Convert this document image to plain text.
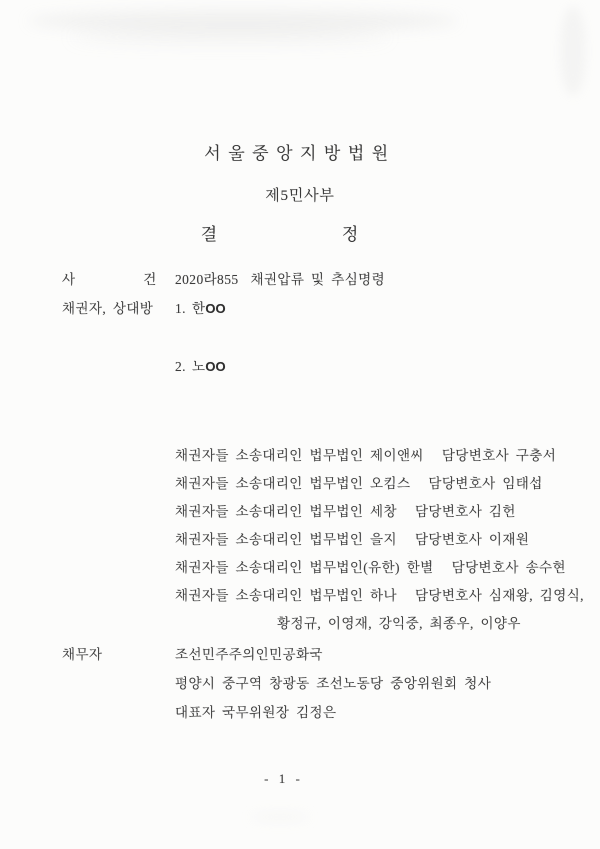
서울중앙지방법원
제5민사부
결               정
사          건 2020라855 채권압류 및 추심명령
채권자, 상대방 1. 한OO
2. 노OO
채권자들 소송대리인 법무법인 제이앤씨 담당변호사 구충서
채권자들 소송대리인 법무법인 오킴스 담당변호사 임태섭
채권자들 소송대리인 법무법인 세창 담당변호사 김헌
채권자들 소송대리인 법무법인 을지 담당변호사 이재원
채권자들 소송대리인 법무법인(유한) 한별 담당변호사 송수현
채권자들 소송대리인 법무법인 하나 담당변호사 심재왕, 김영식,
황정규, 이영재, 강익중, 최종우, 이양우
채무자	조선민주주의인민공화국
평양시 중구역 창광동 조선노동당 중앙위원회 청사
대표자 국무위원장 김정은
- 1 -
